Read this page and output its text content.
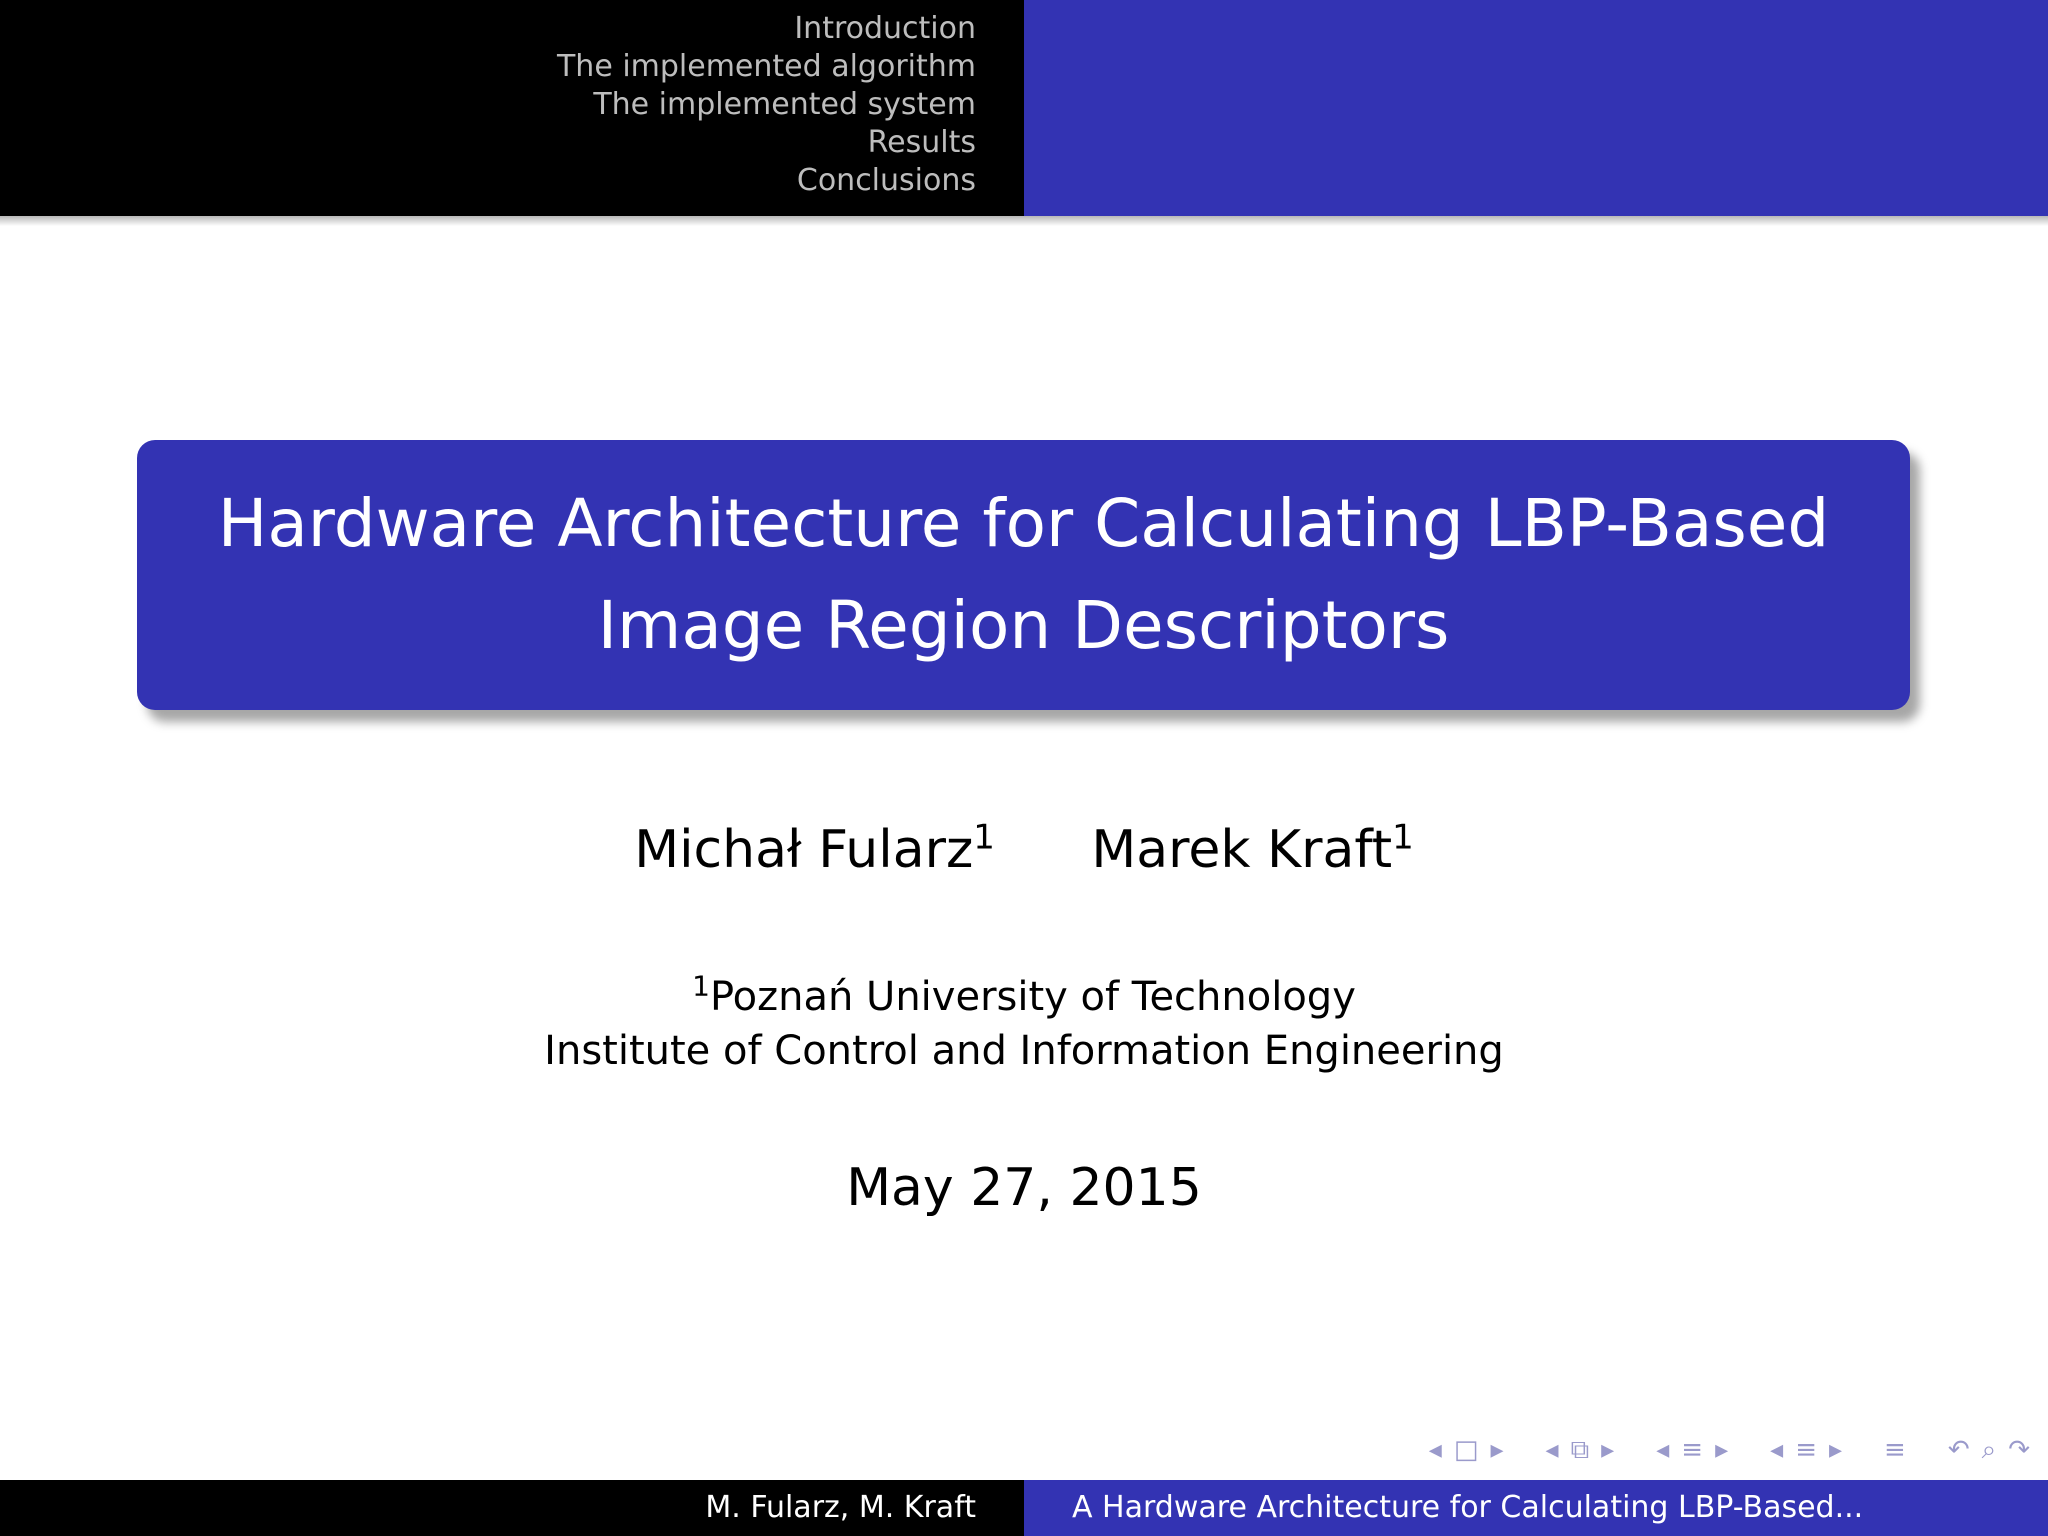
Introduction
The implemented algorithm
The implemented system
Results
Conclusions
Hardware Architecture for Calculating LBP-Based
Image Region Descriptors
Michał Fularz$^1$ Marek Kraft$^1$
$^1$Poznań University of Technology
Institute of Control and Information Engineering
May 27, 2015
◂ □ ▸ ◂ ⧉ ▸ ◂ ≡ ▸ ◂ ≡ ▸ ≡ ↶ ⌕ ↷
M. Fularz, M. Kraft	A Hardware Architecture for Calculating LBP-Based...
